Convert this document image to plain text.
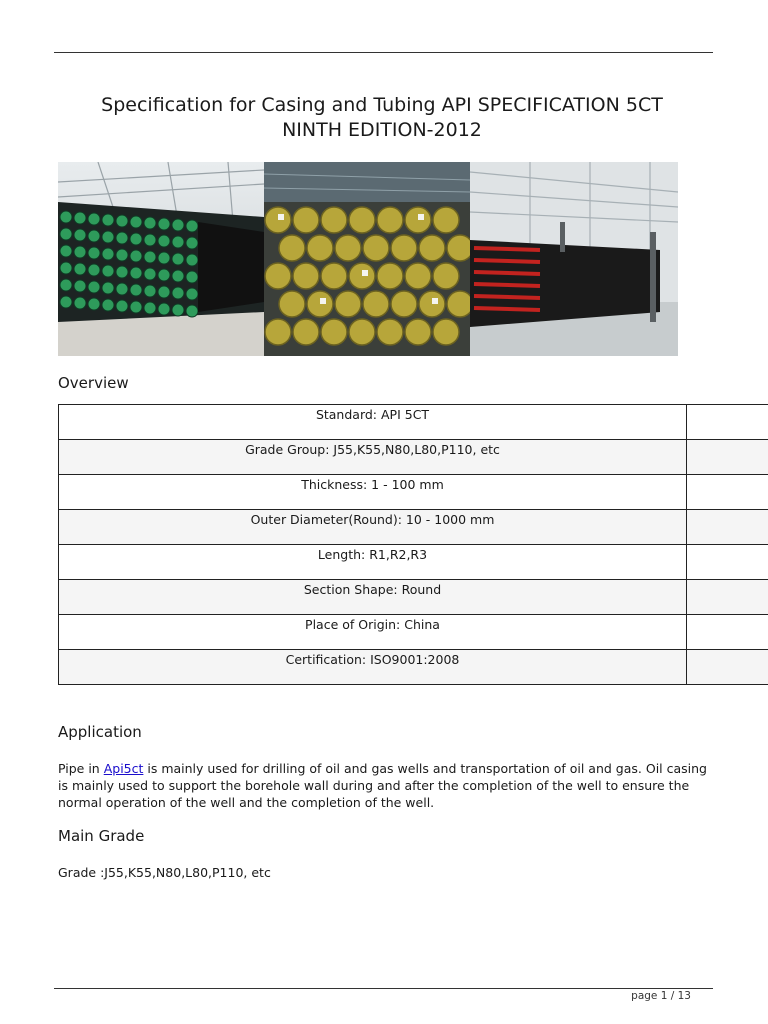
Specification for Casing and Tubing API SPECIFICATION 5CT
NINTH EDITION-2012
Overview
Standard: API 5CT
Grade Group: J55,K55,N80,L80,P110, etc
Thickness: 1 - 100 mm
Outer Diameter(Round): 10 - 1000 mm
Length: R1,R2,R3
Section Shape: Round
Place of Origin: China
Certification: ISO9001:2008
Application
Pipe in Api5ct is mainly used for drilling of oil and gas wells and transportation of oil and gas. Oil casing is mainly used to support the borehole wall during and after the completion of the well to ensure the normal operation of the well and the completion of the well.
Main Grade
Grade :J55,K55,N80,L80,P110, etc
page 1 / 13
